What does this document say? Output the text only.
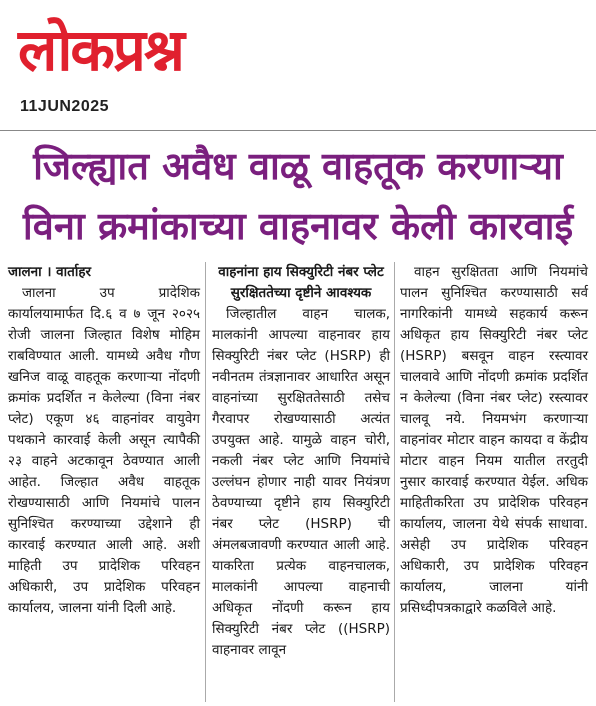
लोकप्रश्न
11JUN2025
जिल्ह्यात अवैध वाळू वाहतूक करणाऱ्या
विना क्रमांकाच्या वाहनावर केली कारवाई
जालना । वार्ताहर

जालना उप प्रादेशिक कार्यालयामार्फत दि.६ व ७ जून २०२५ रोजी जालना जिल्हात विशेष मोहिम राबविण्यात आली. यामध्ये अवैध गौण खनिज वाळू वाहतूक करणाऱ्या नोंदणी क्रमांक प्रदर्शित न केलेल्या (विना नंबर प्लेट) एकूण ४६ वाहनांवर वायुवेग पथकाने कारवाई केली असून त्यापैकी २३ वाहने अटकावून ठेवण्यात आली आहेत. जिल्हात अवैध वाहतूक रोखण्यासाठी आणि नियमांचे पालन सुनिश्चित करण्याच्या उद्देशाने ही कारवाई करण्यात आली आहे. अशी माहिती उप प्रादेशिक परिवहन अधिकारी, उप प्रादेशिक परिवहन कार्यालय, जालना यांनी दिली आहे.

वाहनांना हाय सिक्युरिटी नंबर प्लेट सुरक्षिततेच्या दृष्टीने आवश्यक

जिल्हातील वाहन चालक, मालकांनी आपल्या वाहनावर हाय सिक्युरिटी नंबर प्लेट (HSRP) ही नवीनतम तंत्रज्ञानावर आधारित असून वाहनांच्या सुरक्षिततेसाठी तसेच गैरवापर रोखण्यासाठी अत्यंत उपयुक्त आहे. यामुळे वाहन चोरी, नकली नंबर प्लेट आणि नियमांचे उल्लंघन होणार नाही यावर नियंत्रण ठेवण्याच्या दृष्टीने हाय सिक्युरिटी नंबर प्लेट (HSRP) ची अंमलबजावणी करण्यात आली आहे. याकरिता प्रत्येक वाहनचालक, मालकांनी आपल्या वाहनाची अधिकृत नोंदणी करून हाय सिक्युरिटी नंबर प्लेट ((HSRP) वाहनावर लावून

वाहन सुरक्षितता आणि नियमांचे पालन सुनिश्चित करण्यासाठी सर्व नागरिकांनी यामध्ये सहकार्य करून अधिकृत हाय सिक्युरिटी नंबर प्लेट (HSRP) बसवून वाहन रस्त्यावर चालवावे आणि नोंदणी क्रमांक प्रदर्शित न केलेल्या (विना नंबर प्लेट) रस्त्यावर चालवू नये. नियमभंग करणाऱ्या वाहनांवर मोटार वाहन कायदा व केंद्रीय मोटार वाहन नियम यातील तरतुदी नुसार कारवाई करण्यात येईल. अधिक माहितीकरिता उप प्रादेशिक परिवहन कार्यालय, जालना येथे संपर्क साधावा. असेही उप प्रादेशिक परिवहन अधिकारी, उप प्रादेशिक परिवहन कार्यालय, जालना यांनी प्रसिध्दीपत्रकाद्वारे कळविले आहे.
